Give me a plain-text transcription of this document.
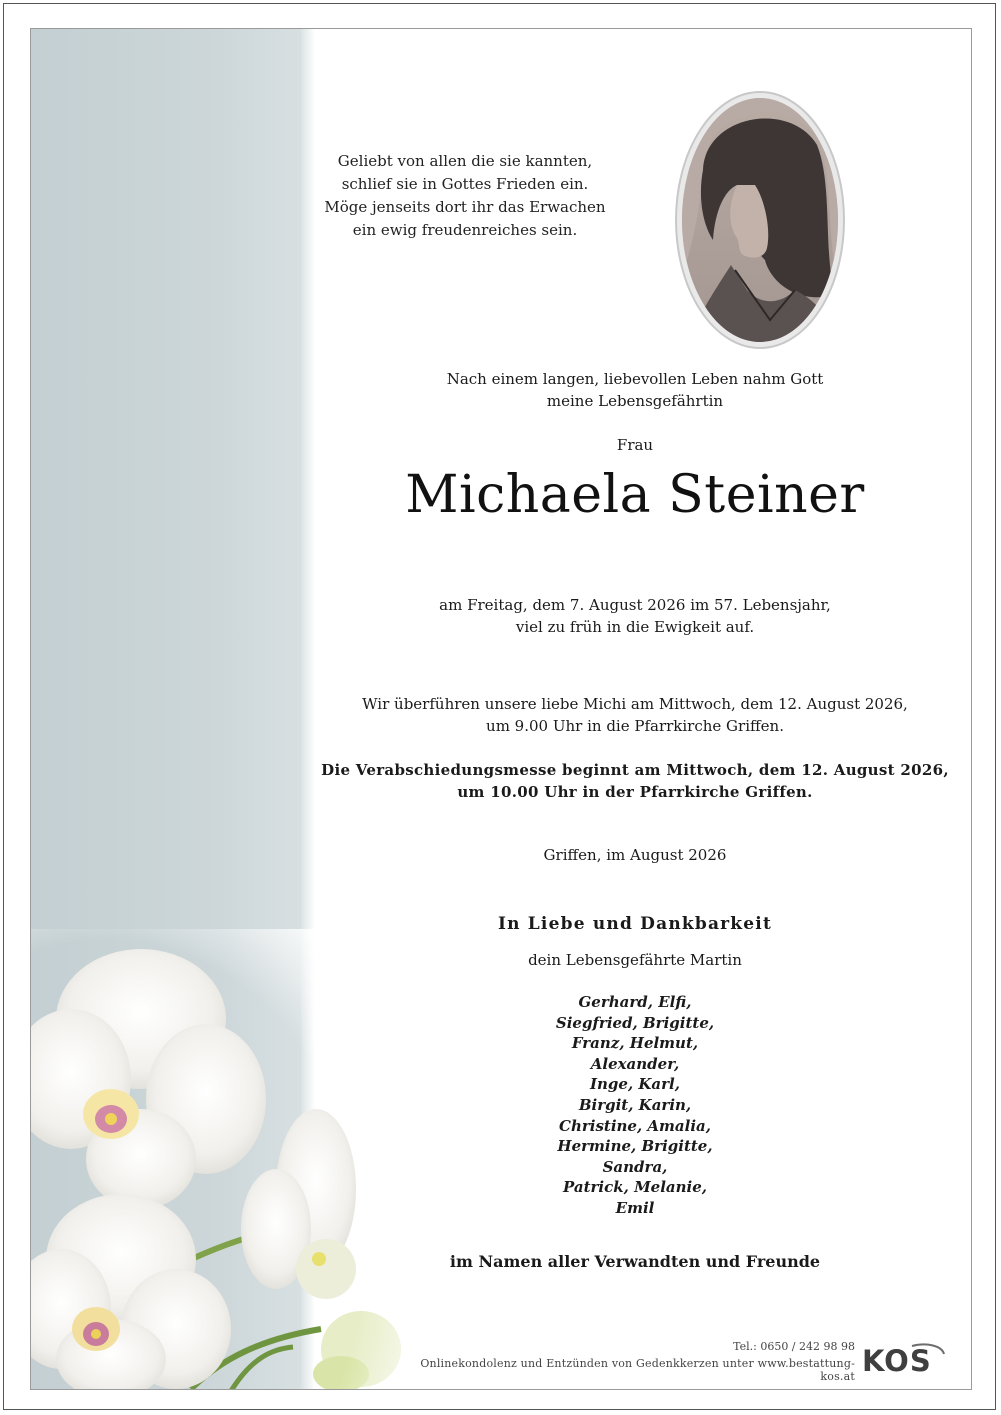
Geliebt von allen die sie kannten,
schlief sie in Gottes Frieden ein.
Möge jenseits dort ihr das Erwachen
ein ewig freudenreiches sein.

Nach einem langen, liebevollen Leben nahm Gott
meine Lebensgefährtin

Frau

Michaela Steiner

am Freitag, dem 7. August 2026 im 57. Lebensjahr,
viel zu früh in die Ewigkeit auf.

Wir überführen unsere liebe Michi am Mittwoch, dem 12. August 2026,
um 9.00 Uhr in die Pfarrkirche Griffen.

Die Verabschiedungsmesse beginnt am Mittwoch, dem 12. August 2026,
um 10.00 Uhr in der Pfarrkirche Griffen.

Griffen, im August 2026

In Liebe und Dankbarkeit

dein Lebensgefährte Martin

Gerhard, Elfi,
Siegfried, Brigitte,
Franz, Helmut,
Alexander,
Inge, Karl,
Birgit, Karin,
Christine, Amalia,
Hermine, Brigitte,
Sandra,
Patrick, Melanie,
Emil

im Namen aller Verwandten und Freunde

Tel.: 0650 / 242 98 98

Onlinekondolenz und Entzünden von Gedenkkerzen unter www.bestattung-kos.at KOS
